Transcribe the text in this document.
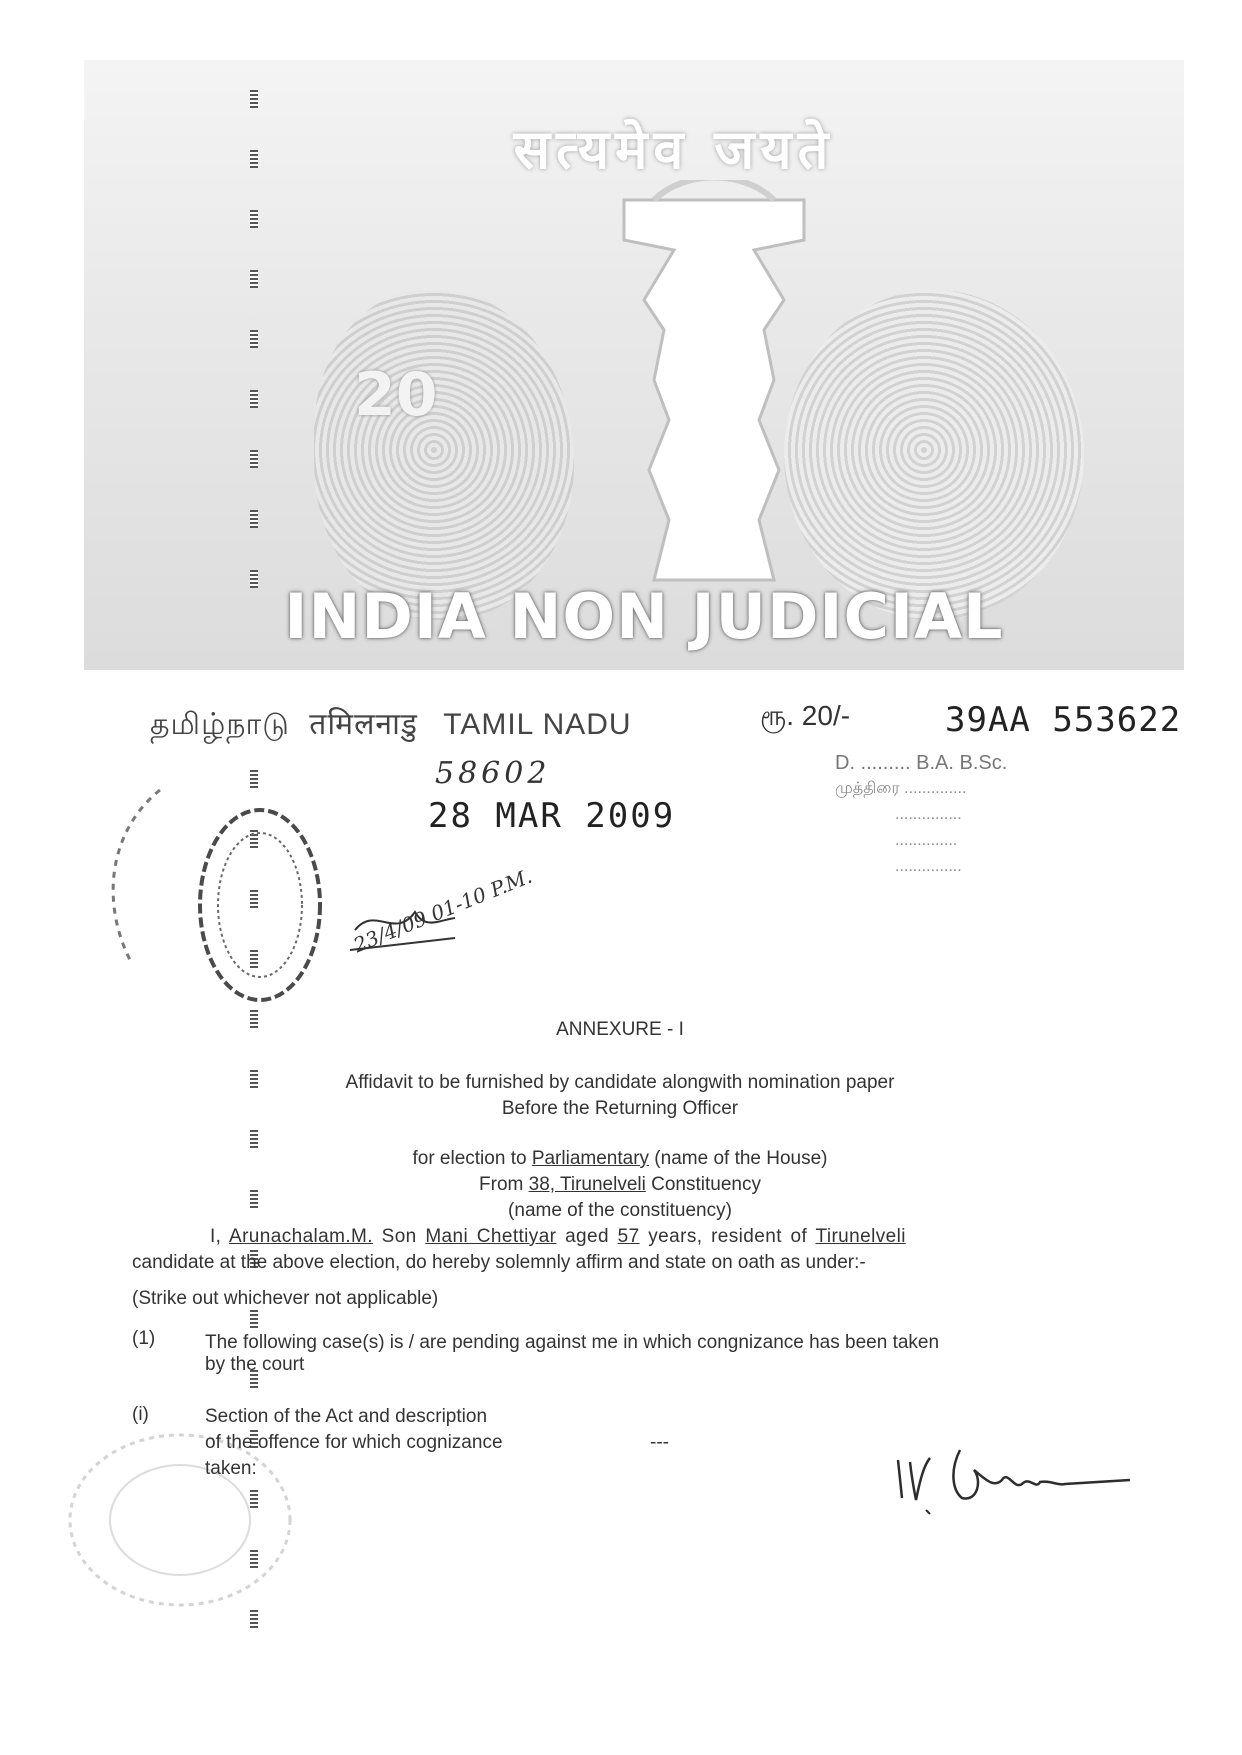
सत्यमेव जयते
20
INDIA NON JUDICIAL
தமிழ்நாடு तमिलनाडु TAMIL NADU	ரூ. 20/-	39AA 553622
D. ......... B.A. B.Sc.
முத்திரை ..............
...............
..............
...............
58602
28 MAR 2009
23/4/09 01-10 P.M.
ANNEXURE - I
Affidavit to be furnished by candidate alongwith nomination paper
Before the Returning Officer
for election to Parliamentary (name of the House)
From 38, Tirunelveli Constituency
(name of the constituency)
I, Arunachalam.M. Son Mani Chettiyar aged 57 years, resident of Tirunelveli
candidate at the above election, do hereby solemnly affirm and state on oath as under:-
(Strike out whichever not applicable)
(1)	The following case(s) is / are pending against me in which congnizance has been taken
by the court
(i)	Section of the Act and description
of the offence for which cognizance
taken:
---
